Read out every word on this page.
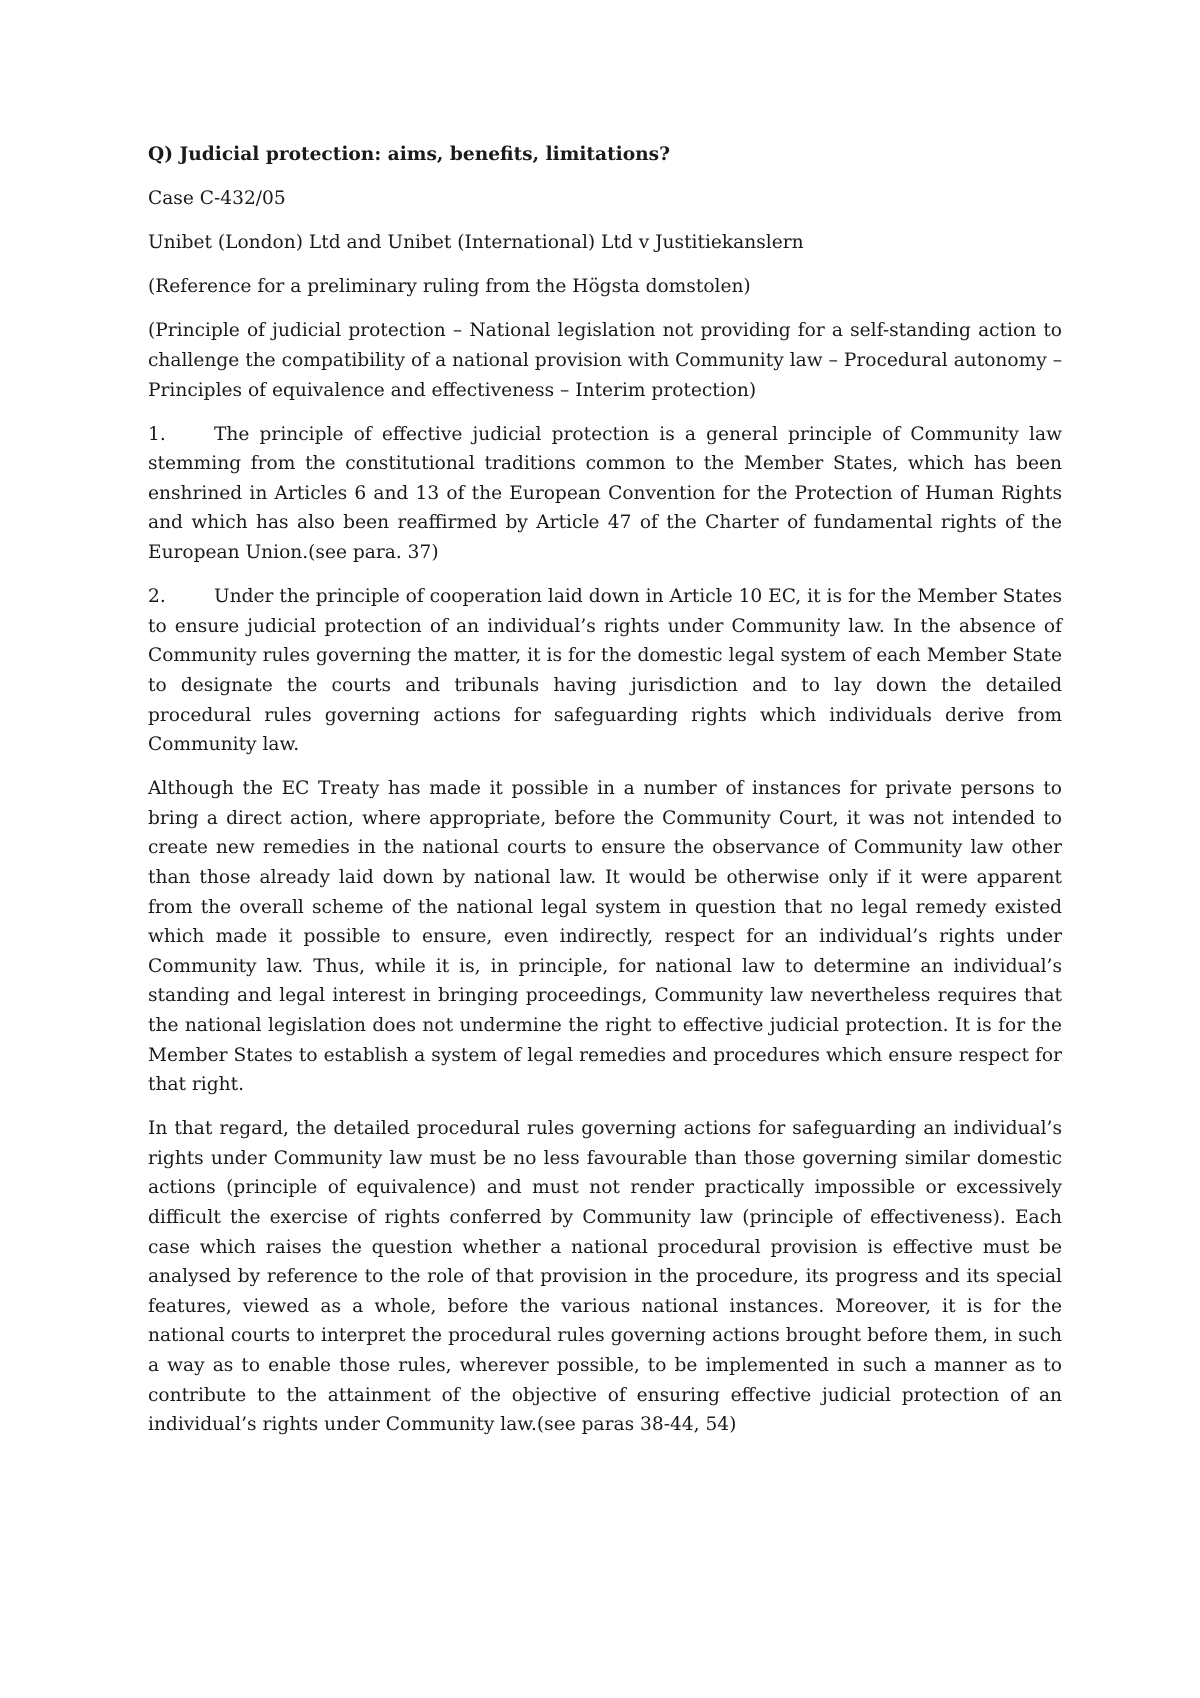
Q) Judicial protection: aims, benefits, limitations?

Case C-432/05

Unibet (London) Ltd and Unibet (International) Ltd v Justitiekanslern

(Reference for a preliminary ruling from the Högsta domstolen)

(Principle of judicial protection – National legislation not providing for a self-standing action to challenge the compatibility of a national provision with Community law – Procedural autonomy – Principles of equivalence and effectiveness – Interim protection)

1.	The principle of effective judicial protection is a general principle of Community law stemming from the constitutional traditions common to the Member States, which has been enshrined in Articles 6 and 13 of the European Convention for the Protection of Human Rights and which has also been reaffirmed by Article 47 of the Charter of fundamental rights of the European Union.(see para. 37)

2.	Under the principle of cooperation laid down in Article 10 EC, it is for the Member States to ensure judicial protection of an individual’s rights under Community law. In the absence of Community rules governing the matter, it is for the domestic legal system of each Member State to designate the courts and tribunals having jurisdiction and to lay down the detailed procedural rules governing actions for safeguarding rights which individuals derive from Community law.

Although the EC Treaty has made it possible in a number of instances for private persons to bring a direct action, where appropriate, before the Community Court, it was not intended to create new remedies in the national courts to ensure the observance of Community law other than those already laid down by national law. It would be otherwise only if it were apparent from the overall scheme of the national legal system in question that no legal remedy existed which made it possible to ensure, even indirectly, respect for an individual’s rights under Community law. Thus, while it is, in principle, for national law to determine an individual’s standing and legal interest in bringing proceedings, Community law nevertheless requires that the national legislation does not undermine the right to effective judicial protection. It is for the Member States to establish a system of legal remedies and procedures which ensure respect for that right.

In that regard, the detailed procedural rules governing actions for safeguarding an individual’s rights under Community law must be no less favourable than those governing similar domestic actions (principle of equivalence) and must not render practically impossible or excessively difficult the exercise of rights conferred by Community law (principle of effectiveness). Each case which raises the question whether a national procedural provision is effective must be analysed by reference to the role of that provision in the procedure, its progress and its special features, viewed as a whole, before the various national instances. Moreover, it is for the national courts to interpret the procedural rules governing actions brought before them, in such a way as to enable those rules, wherever possible, to be implemented in such a manner as to contribute to the attainment of the objective of ensuring effective judicial protection of an individual’s rights under Community law.(see paras 38-44, 54)
